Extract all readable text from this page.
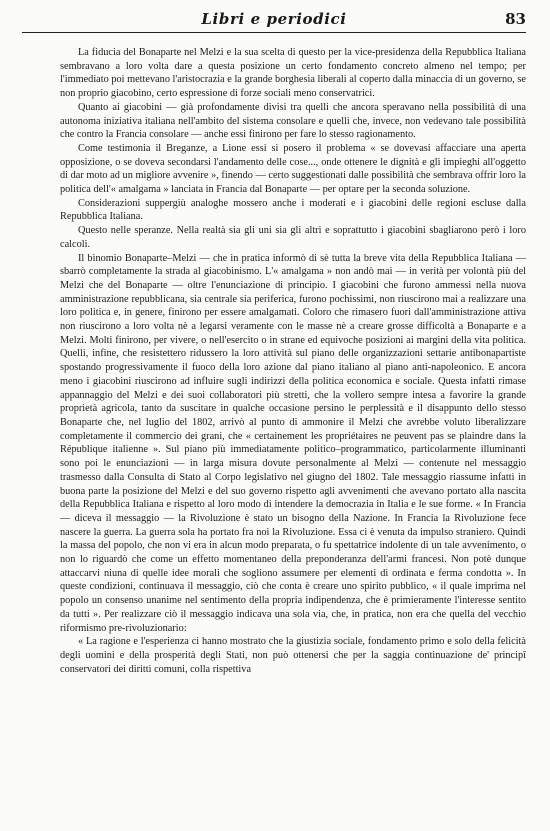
Libri e periodici	83

La fiducia del Bonaparte nel Melzi e la sua scelta di questo per la vice-presidenza della Repubblica Italiana sembravano a loro volta dare a questa posizione un certo fondamento concreto almeno nel tempo; per l'immediato poi mettevano l'aristocrazia e la grande borghesia liberali al coperto dalla minaccia di un governo, se non proprio giacobino, certo espressione di forze sociali meno conservatrici.

Quanto ai giacobini — già profondamente divisi tra quelli che ancora speravano nella possibilità di una autonoma iniziativa italiana nell'ambito del sistema consolare e quelli che, invece, non vedevano tale possibilità che contro la Francia consolare — anche essi finirono per fare lo stesso ragionamento.

Come testimonia il Breganze, a Lione essi si posero il problema « se dovevasi affacciare una aperta opposizione, o se doveva secondarsi l'andamento delle cose..., onde ottenere le dignità e gli impieghi all'oggetto di dar moto ad un migliore avvenire », finendo — certo suggestionati dalle possibilità che sembrava offrir loro la politica dell'« amalgama » lanciata in Francia dal Bonaparte — per optare per la seconda soluzione.

Considerazioni suppergiù analoghe mossero anche i moderati e i giacobini delle regioni escluse dalla Repubblica Italiana.

Questo nelle speranze. Nella realtà sia gli uni sia gli altri e soprattutto i giacobini sbagliarono però i loro calcoli.

Il binomio Bonaparte–Melzi — che in pratica informò di sè tutta la breve vita della Repubblica Italiana — sbarrò completamente la strada al giacobinismo. L'« amalgama » non andò mai — in verità per volontà più del Melzi che del Bonaparte — oltre l'enunciazione di principio. I giacobini che furono ammessi nella nuova amministrazione repubblicana, sia centrale sia periferica, furono pochissimi, non riuscirono mai a realizzare una loro politica e, in genere, finirono per essere amalgamati. Coloro che rimasero fuori dall'amministrazione attiva non riuscirono a loro volta nè a legarsi veramente con le masse nè a creare grosse difficoltà a Bonaparte e a Melzi. Molti finirono, per vivere, o nell'esercito o in strane ed equivoche posizioni ai margini della vita politica. Quelli, infine, che resistettero ridussero la loro attività sul piano delle organizzazioni settarie antibonapartiste spostando progressivamente il fuoco della loro azione dal piano italiano al piano anti-napoleonico. E ancora meno i giacobini riuscirono ad influire sugli indirizzi della politica economica e sociale. Questa infatti rimase appannaggio del Melzi e dei suoi collaboratori più stretti, che la vollero sempre intesa a favorire la grande proprietà agricola, tanto da suscitare in qualche occasione persino le perplessità e il disappunto dello stesso Bonaparte che, nel luglio del 1802, arrivò al punto di ammonire il Melzi che avrebbe voluto liberalizzare completamente il commercio dei grani, che « certainement les propriétaires ne peuvent pas se plaindre dans la République italienne ». Sul piano più immediatamente politico–programmatico, particolarmente illuminanti sono poi le enunciazioni — in larga misura dovute personalmente al Melzi — contenute nel messaggio trasmesso dalla Consulta di Stato al Corpo legislativo nel giugno del 1802. Tale messaggio riassume infatti in buona parte la posizione del Melzi e del suo governo rispetto agli avvenimenti che avevano portato alla nascita della Repubblica Italiana e rispetto al loro modo di intendere la democrazia in Italia e le sue forme. « In Francia — diceva il messaggio — la Rivoluzione è stato un bisogno della Nazione. In Francia la Rivoluzione fece nascere la guerra. La guerra sola ha portato fra noi la Rivoluzione. Essa ci è venuta da impulso straniero. Quindi la massa del popolo, che non vi era in alcun modo preparata, o fu spettatrice indolente di un tale avvenimento, o non lo riguardò che come un effetto momentaneo della preponderanza dell'armi francesi. Non potè dunque attaccarvi niuna di quelle idee morali che sogliono assumere per elementi di ordinata e ferma condotta ». In queste condizioni, continuava il messaggio, ciò che conta è creare uno spirito pubblico, « il quale imprima nel popolo un consenso unanime nel sentimento della propria indipendenza, che è primieramente l'interesse sentito da tutti ». Per realizzare ciò il messaggio indicava una sola via, che, in pratica, non era che quella del vecchio riformismo pre-rivoluzionario:

« La ragione e l'esperienza ci hanno mostrato che la giustizia sociale, fondamento primo e solo della felicità degli uomini e della prosperità degli Stati, non può ottenersi che per la saggia continuazione de' principî conservatori dei diritti comuni, colla rispettiva
